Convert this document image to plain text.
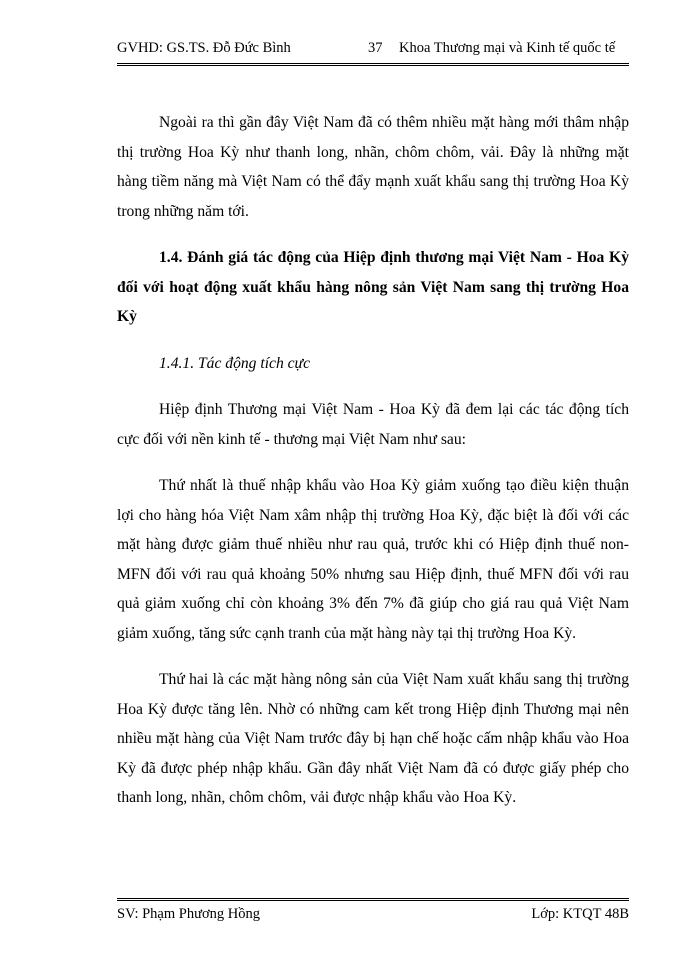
GVHD: GS.TS. Đỗ Đức Bình	37 Khoa Thương mại và Kinh tế quốc tế

Ngoài ra thì gần đây Việt Nam đã có thêm nhiều mặt hàng mới thâm nhập thị trường Hoa Kỳ như thanh long, nhãn, chôm chôm, vải. Đây là những mặt hàng tiềm năng mà Việt Nam có thể đẩy mạnh xuất khẩu sang thị trường Hoa Kỳ trong những năm tới.

1.4. Đánh giá tác động của Hiệp định thương mại Việt Nam - Hoa Kỳ đối với hoạt động xuất khẩu hàng nông sản Việt Nam sang thị trường Hoa Kỳ

1.4.1. Tác động tích cực

Hiệp định Thương mại Việt Nam - Hoa Kỳ đã đem lại các tác động tích cực đối với nền kinh tế - thương mại Việt Nam như sau:

Thứ nhất là thuế nhập khẩu vào Hoa Kỳ giảm xuống tạo điều kiện thuận lợi cho hàng hóa Việt Nam xâm nhập thị trường Hoa Kỳ, đặc biệt là đối với các mặt hàng được giảm thuế nhiều như rau quả, trước khi có Hiệp định thuế non-MFN đối với rau quả khoảng 50% nhưng sau Hiệp định, thuế MFN đối với rau quả giảm xuống chỉ còn khoảng 3% đến 7% đã giúp cho giá rau quả Việt Nam giảm xuống, tăng sức cạnh tranh của mặt hàng này tại thị trường Hoa Kỳ.

Thứ hai là các mặt hàng nông sản của Việt Nam xuất khẩu sang thị trường Hoa Kỳ được tăng lên. Nhờ có những cam kết trong Hiệp định Thương mại nên nhiều mặt hàng của Việt Nam trước đây bị hạn chế hoặc cấm nhập khẩu vào Hoa Kỳ đã được phép nhập khẩu. Gần đây nhất Việt Nam đã có được giấy phép cho thanh long, nhãn, chôm chôm, vải được nhập khẩu vào Hoa Kỳ.

SV: Phạm Phương Hồng	Lớp: KTQT 48B
